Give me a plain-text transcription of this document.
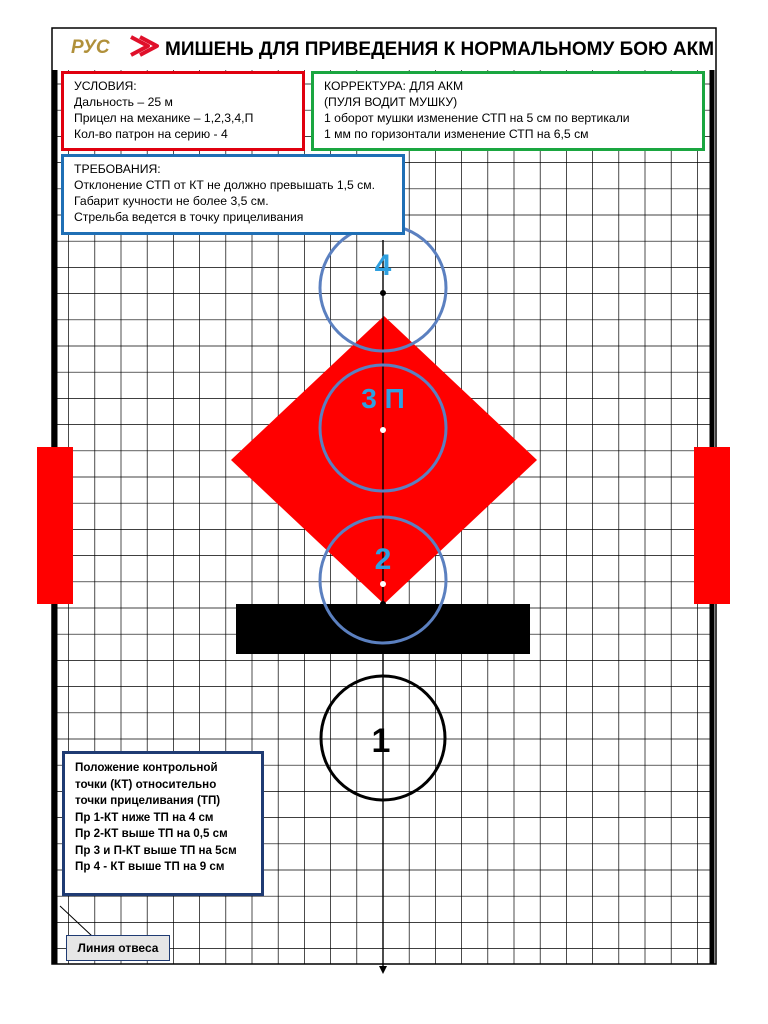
4
3 П
2
1
РУС	МИШЕНЬ ДЛЯ ПРИВЕДЕНИЯ К НОРМАЛЬНОМУ БОЮ АКМ
УСЛОВИЯ:
Дальность – 25 м
Прицел на механике – 1,2,3,4,П
Кол-во патрон на серию - 4
КОРРЕКТУРА: ДЛЯ АКМ
(ПУЛЯ ВОДИТ МУШКУ)
1 оборот мушки изменение СТП на 5 см по вертикали
1 мм по горизонтали изменение СТП на 6,5 см
ТРЕБОВАНИЯ:
Отклонение СТП от КТ не должно превышать 1,5 см.
Габарит кучности не более 3,5 см.
Стрельба ведется в точку прицеливания
Положение контрольной
точки (КТ) относительно
точки прицеливания (ТП)
Пр 1-КТ ниже ТП на 4 см
Пр 2-КТ выше ТП на 0,5 см
Пр 3 и П-КТ выше ТП на 5см
Пр 4 - КТ выше ТП на 9 см
Линия отвеса
